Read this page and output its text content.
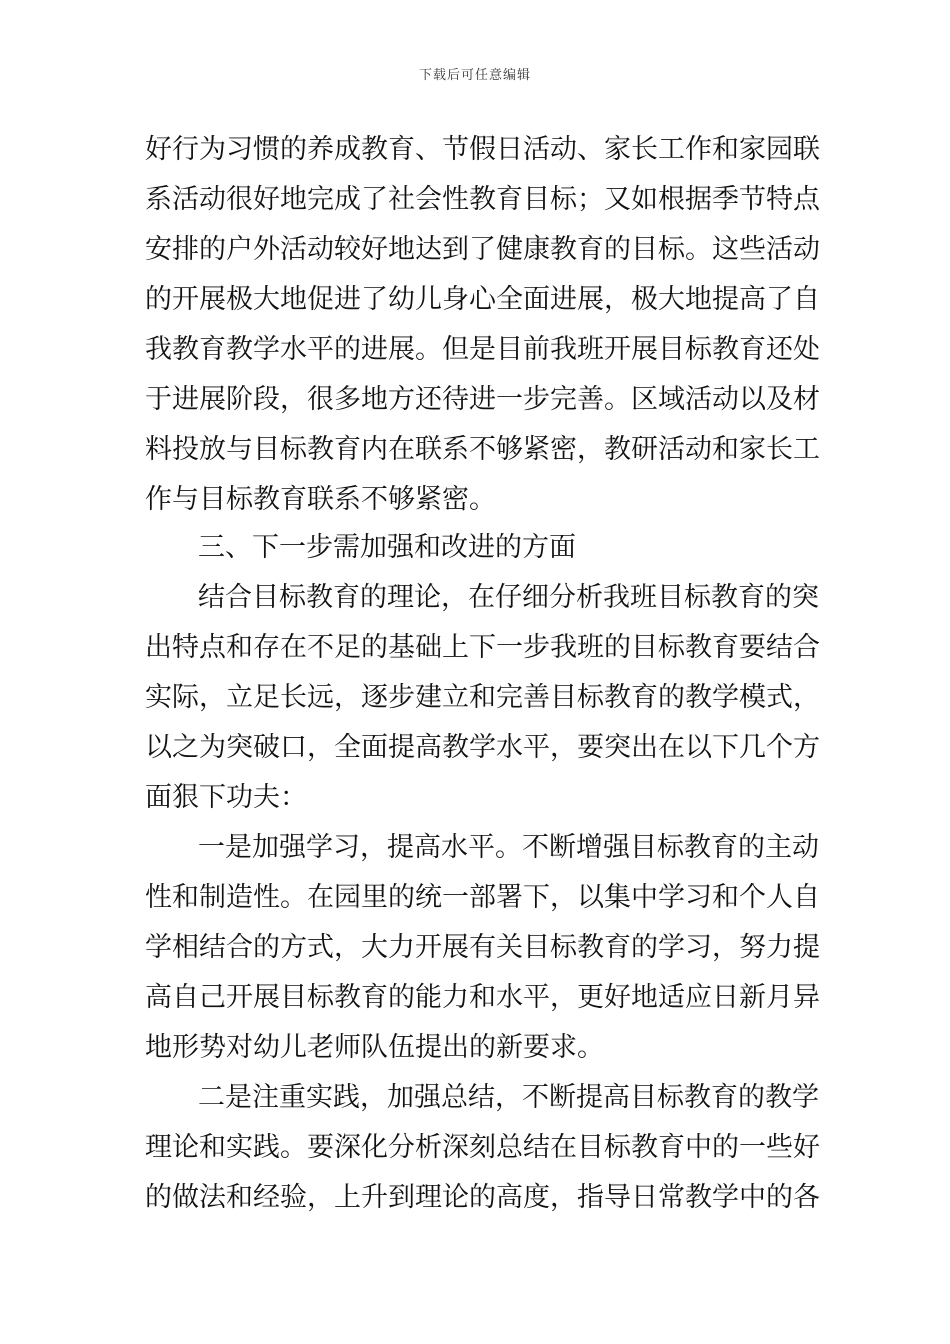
下载后可任意编辑
好行为习惯的养成教育、节假日活动、家长工作和家园联
系活动很好地完成了社会性教育目标；又如根据季节特点
安排的户外活动较好地达到了健康教育的目标。这些活动
的开展极大地促进了幼儿身心全面进展，极大地提高了自
我教育教学水平的进展。但是目前我班开展目标教育还处
于进展阶段，很多地方还待进一步完善。区域活动以及材
料投放与目标教育内在联系不够紧密，教研活动和家长工
作与目标教育联系不够紧密。
三、下一步需加强和改进的方面
结合目标教育的理论，在仔细分析我班目标教育的突
出特点和存在不足的基础上下一步我班的目标教育要结合
实际，立足长远，逐步建立和完善目标教育的教学模式，
以之为突破口，全面提高教学水平，要突出在以下几个方
面狠下功夫：
一是加强学习，提高水平。不断增强目标教育的主动
性和制造性。在园里的统一部署下，以集中学习和个人自
学相结合的方式，大力开展有关目标教育的学习，努力提
高自己开展目标教育的能力和水平，更好地适应日新月异
地形势对幼儿老师队伍提出的新要求。
二是注重实践，加强总结，不断提高目标教育的教学
理论和实践。要深化分析深刻总结在目标教育中的一些好
的做法和经验，上升到理论的高度，指导日常教学中的各
